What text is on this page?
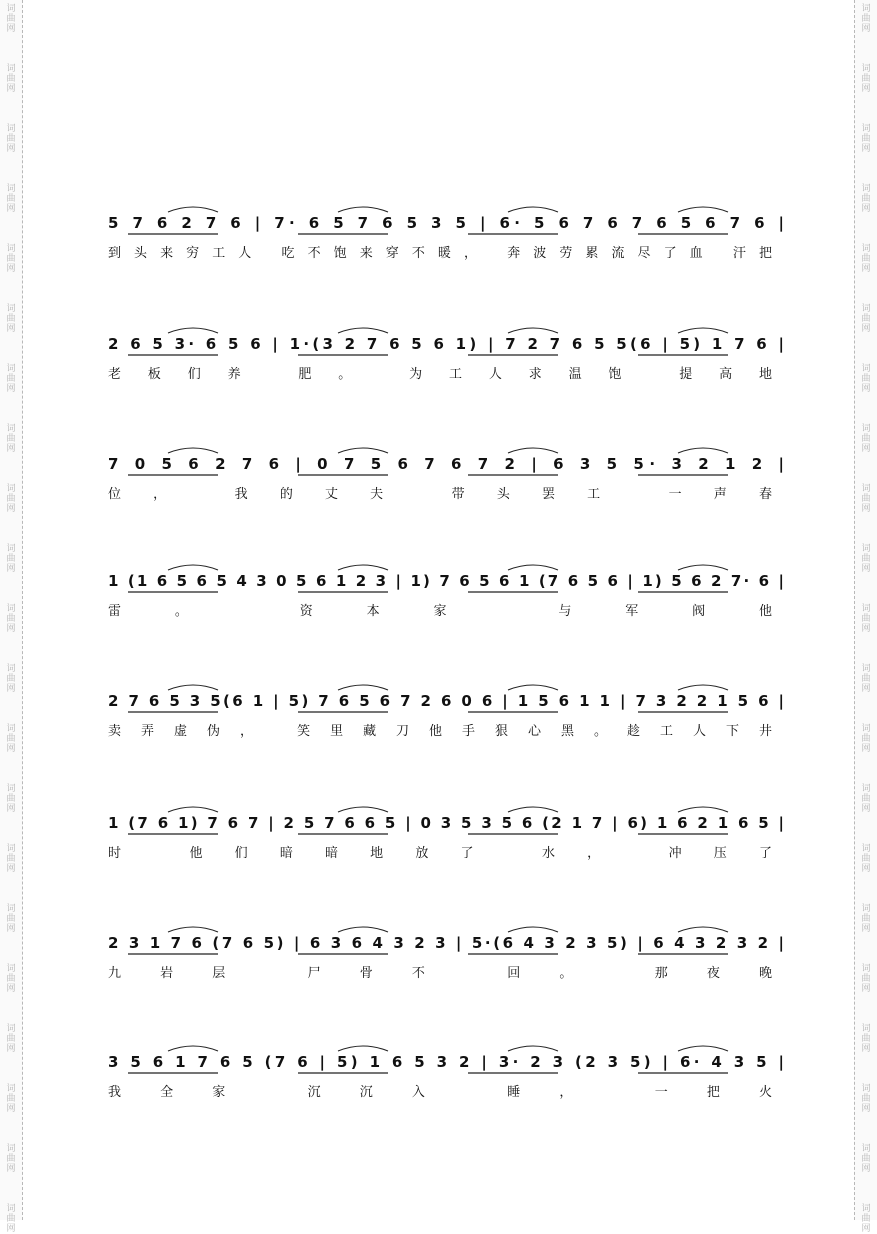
词
曲
网
词
曲
网
词
曲
网
词
曲
网
词
曲
网
词
曲
网
词
曲
网
词
曲
网
词
曲
网
词
曲
网
词
曲
网
词
曲
网
词
曲
网
词
曲
网
词
曲
网
词
曲
网
词
曲
网
词
曲
网
词
曲
网
词
曲
网
词
曲
网
词
曲
网
词
曲
网
词
曲
网
词
曲
网
词
曲
网
词
曲
网
词
曲
网
词
曲
网
词
曲
网
词
曲
网
词
曲
网
词
曲
网
词
曲
网
词
曲
网
词
曲
网
词
曲
网
词
曲
网
词
曲
网
词
曲
网
词
曲
网
词
曲
网
5 7 6 2 7 6 | 7· 6 5 7 6 5 3 5 | 6· 5 6 7 6 7 6 5 6 7 6 |
到头来穷工人 吃不饱来穿不暖， 奔波劳累流尽了血 汗把
2 6 5 3· 6 5 6 | 1·(3 2 7 6 5 6 1) | 7 2 7 6 5 5(6 | 5) 1 7 6 |
老板们养 肥。 为工人求温饱 提高地
7 0 5 6 2 7 6 | 0 7 5 6 7 6 7 2 | 6 3 5 5· 3 2 1 2 |
位， 我的丈夫 带头罢工 一声春
1 (1 6 5 6 5 4 3 0 5 6 1 2 3 | 1) 7 6 5 6 1 (7 6 5 6 | 1) 5 6 2 7· 6 |
雷。 资本家 与军阀他
2 7 6 5 3 5(6 1 | 5) 7 6 5 6 7 2 6 0 6 | 1 5 6 1 1 | 7 3 2 2 1 5 6 |
卖弄虚伪， 笑里藏刀他手狠心黑。趁工人下井
1 (7 6 1) 7 6 7 | 2 5 7 6 6 5 | 0 3 5 3 5 6 (2 1 7 | 6) 1 6 2 1 6 5 |
时 他们暗暗地放了 水， 冲压了
2 3 1 7 6 (7 6 5) | 6 3 6 4 3 2 3 | 5·(6 4 3 2 3 5) | 6 4 3 2 3 2 |
九岩层 尸骨不 回。 那夜晚
3 5 6 1 7 6 5 (7 6 | 5) 1 6 5 3 2 | 3· 2 3 (2 3 5) | 6· 4 3 5 |
我全家 沉沉入 睡， 一把火
